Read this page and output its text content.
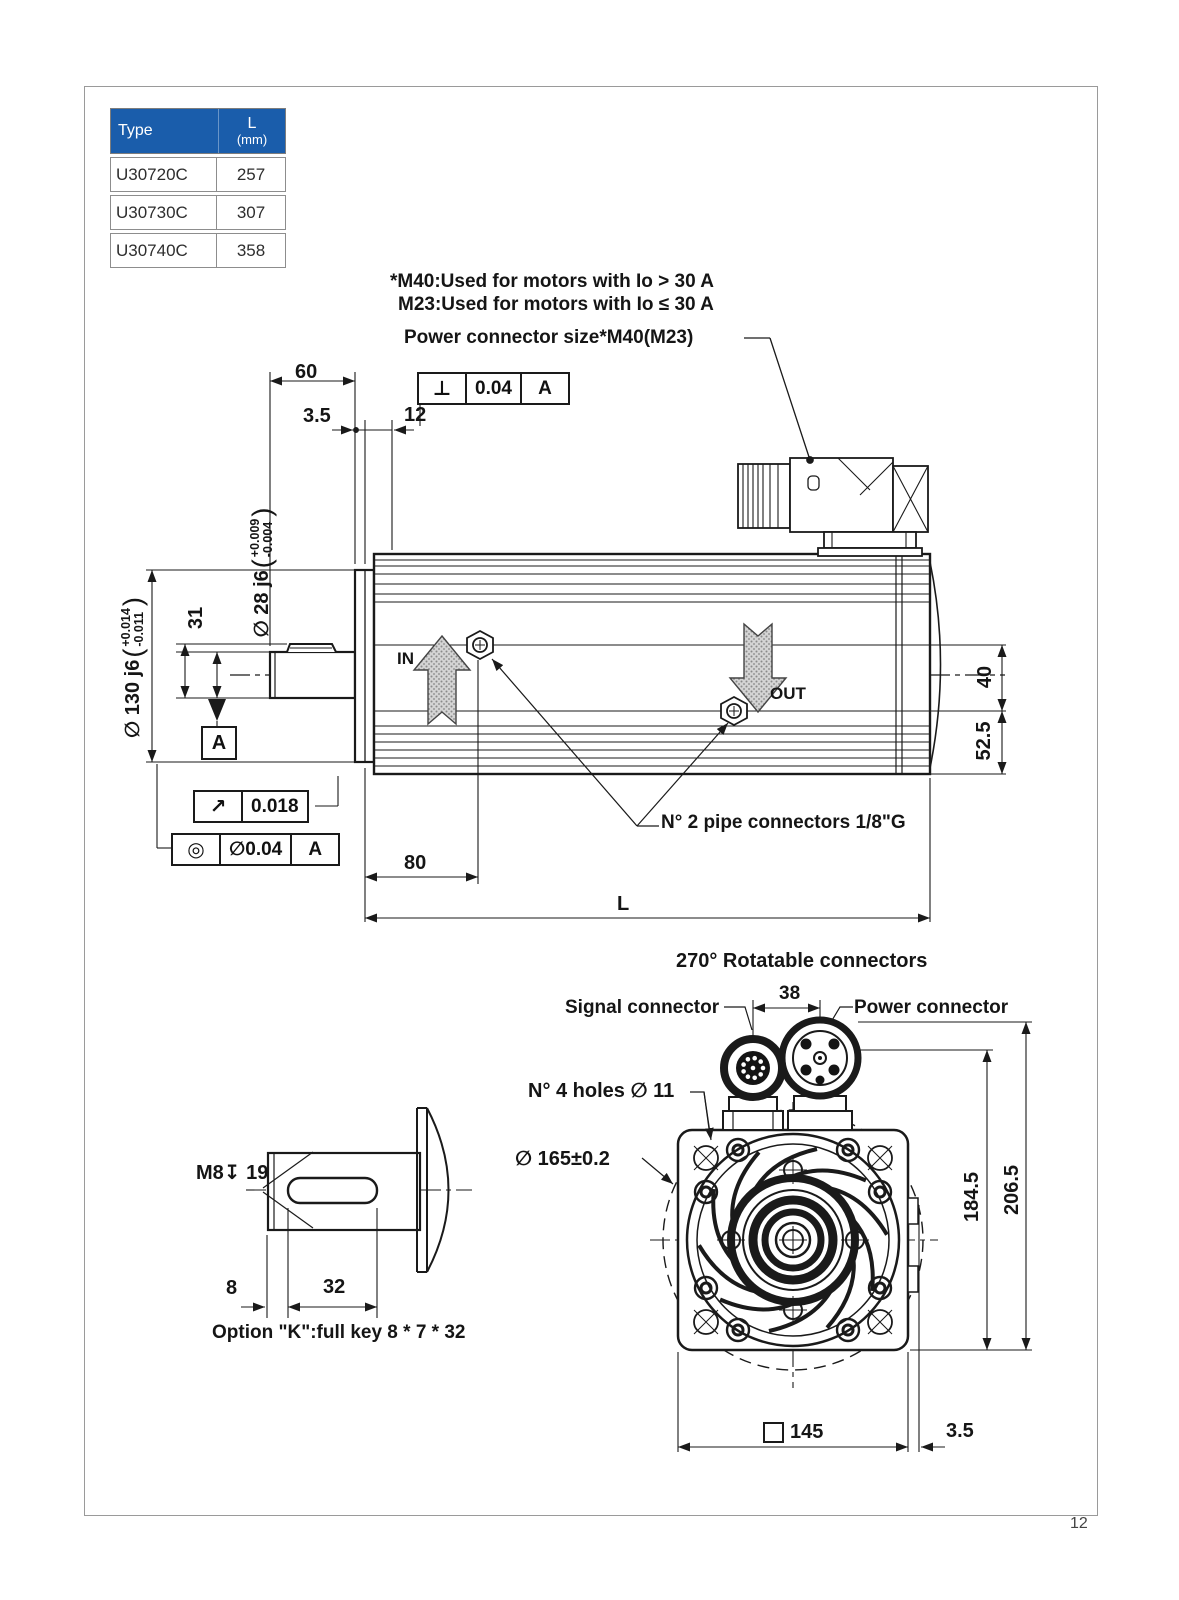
Type	L
(mm)
U30720C	257
U30730C	307
U30740C	358
*M40:Used for motors with Io > 30 A
M23:Used for motors with Io ≤ 30 A
Power connector size*M40(M23)
60
⊥	0.04	A
3.5	12
∅ 28 j6
(
+0.009 -0.004
)
31
∅ 130 j6
(
+0.014 -0.011
)
A
↗	0.018
◎	∅0.04	A
IN
OUT
N° 2 pipe connectors 1/8"G
40
52.5
80
L
270° Rotatable connectors
Signal connector
38
Power connector
N° 4 holes ∅ 11
∅ 165±0.2
184.5 206.5
145	3.5
M8↧ 19
8	32
Option "K":full key 8 * 7 * 32
12
